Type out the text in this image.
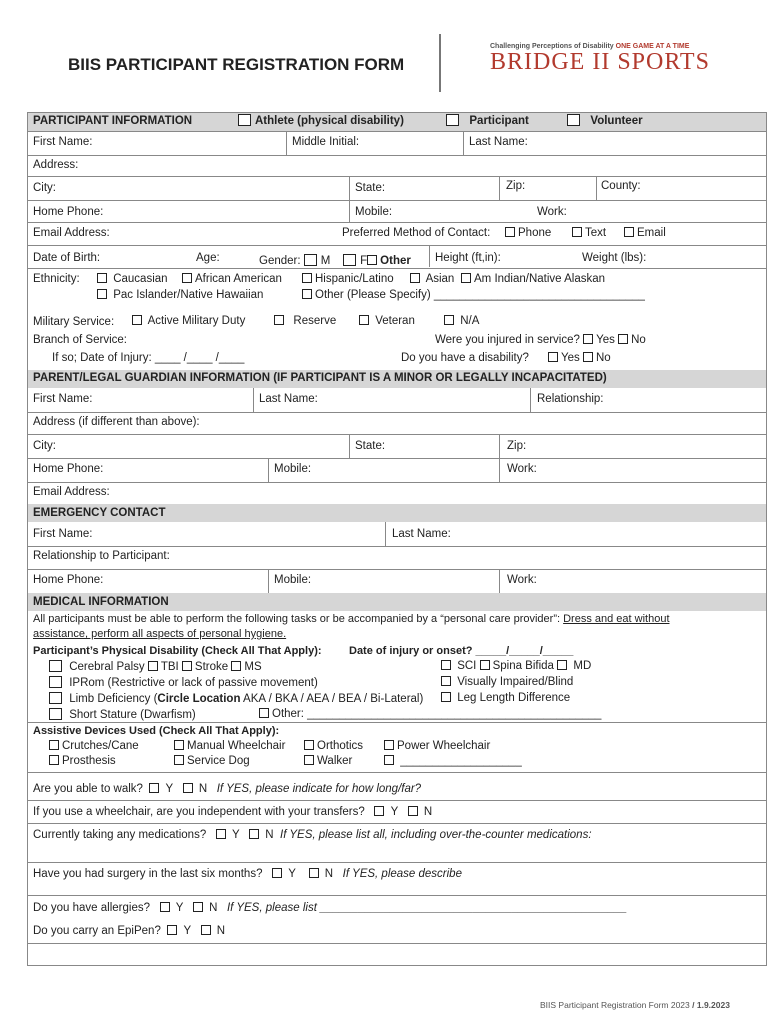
BIIS PARTICIPANT REGISTRATION FORM
Challenging Perceptions of Disability ONE GAME AT A TIME
BRIDGE II SPORTS
PARTICIPANT INFORMATION	Athlete (physical disability)	Participant	Volunteer
First Name:	Middle Initial:	Last Name:
Address:
City:	State:	Zip:	County:
Home Phone:	Mobile:	Work:
Email Address:	Preferred Method of Contact:	Phone	Text	Email
Date of Birth:	Age:	Gender: M	F Other Height (ft,in):	Weight (lbs):
Ethnicity:	Caucasian	African American	Hispanic/Latino	Asian	Am Indian/Native Alaskan
Pac Islander/Native Hawaiian	Other (Please Specify) _________________________________
Military Service:	Active Military Duty	Reserve	Veteran	N/A
Branch of Service:	Were you injured in service? Yes No
If so; Date of Injury: ____ /____ /____	Do you have a disability?	Yes No
PARENT/LEGAL GUARDIAN INFORMATION (IF PARTICIPANT IS A MINOR OR LEGALLY INCAPACITATED)
First Name:	Last Name:	Relationship:
Address (if different than above):
City:	State:	Zip:
Home Phone:	Mobile:	Work:
Email Address:
EMERGENCY CONTACT
First Name:	Last Name:
Relationship to Participant:
Home Phone:	Mobile:	Work:
MEDICAL INFORMATION
All participants must be able to perform the following tasks or be accompanied by a “personal care provider”: Dress and eat without
assistance, perform all aspects of personal hygiene.
Participant’s Physical Disability (Check All That Apply): Date of injury or onset? _____/_____/_____
Cerebral Palsy TBI Stroke MS	SCI Spina Bifida MD
IPRom (Restrictive or lack of passive movement)	Visually Impaired/Blind
Limb Deficiency (Circle Location AKA / BKA / AEA / BEA / Bi-Lateral)	Leg Length Difference
Short Stature (Dwarfism)	Other: ______________________________________________
Assistive Devices Used (Check All That Apply):
Crutches/Cane	Manual Wheelchair	Orthotics	Power Wheelchair
Prosthesis	Service Dog	Walker	___________________
Are you able to walk? Y N If YES, please indicate for how long/far?
If you use a wheelchair, are you independent with your transfers? Y N
Currently taking any medications? Y N If YES, please list all, including over-the-counter medications:
Have you had surgery in the last six months? Y	N If YES, please describe
Do you have allergies? Y N If YES, please list ________________________________________________
Do you carry an EpiPen? Y N
BIIS Participant Registration Form 2023 / 1.9.2023
